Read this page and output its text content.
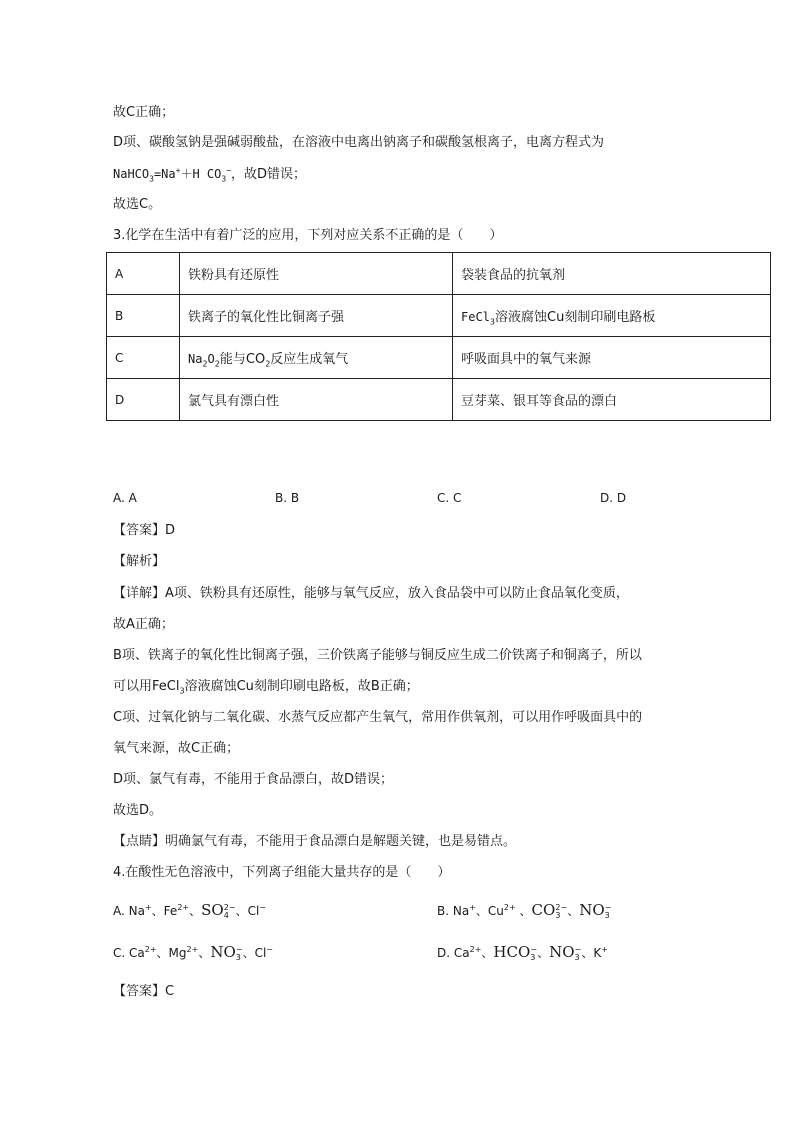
故C正确；
D项、碳酸氢钠是强碱弱酸盐，在溶液中电离出钠离子和碳酸氢根离子，电离方程式为
NaHCO$_3$=Na+＋H $CO_3^-$，故D错误；
故选C。
3.化学在生活中有着广泛的应用，下列对应关系不正确的是（　　）
A	铁粉具有还原性	袋装食品的抗氧剂
B	铁离子的氧化性比铜离子强	FeCl$_3$溶液腐蚀Cu刻制印刷电路板
C	$Na_2O_2$能与$CO_2$反应生成氧气	呼吸面具中的氧气来源
D	氯气具有漂白性	豆芽菜、银耳等食品的漂白
A. A	B. B	C. C	D. D
【答案】D
【解析】
【详解】A项、铁粉具有还原性，能够与氧气反应，放入食品袋中可以防止食品氧化变质，
故A正确；
B项、铁离子的氧化性比铜离子强，三价铁离子能够与铜反应生成二价铁离子和铜离子，所以
可以用FeCl$_3$溶液腐蚀Cu刻制印刷电路板，故B正确；
C项、过氧化钠与二氧化碳、水蒸气反应都产生氧气，常用作供氧剂，可以用作呼吸面具中的
氧气来源，故C正确；
D项、氯气有毒，不能用于食品漂白，故D错误；
故选D。
【点睛】明确氯气有毒，不能用于食品漂白是解题关键，也是易错点。
4.在酸性无色溶液中，下列离子组能大量共存的是（　　）
A. Na+、$Fe^{2+}$、$SO_4^{2-}$、Cl−	B. Na+、$Cu^{2+}$ 、$CO_3^{2-}$、$NO_3^-$
C. $Ca^{2+}$、$Mg^{2+}$、$NO_3^-$、Cl−	D. $Ca^{2+}$、$HCO_3^-$、$NO_3^-$、K+
【答案】C
